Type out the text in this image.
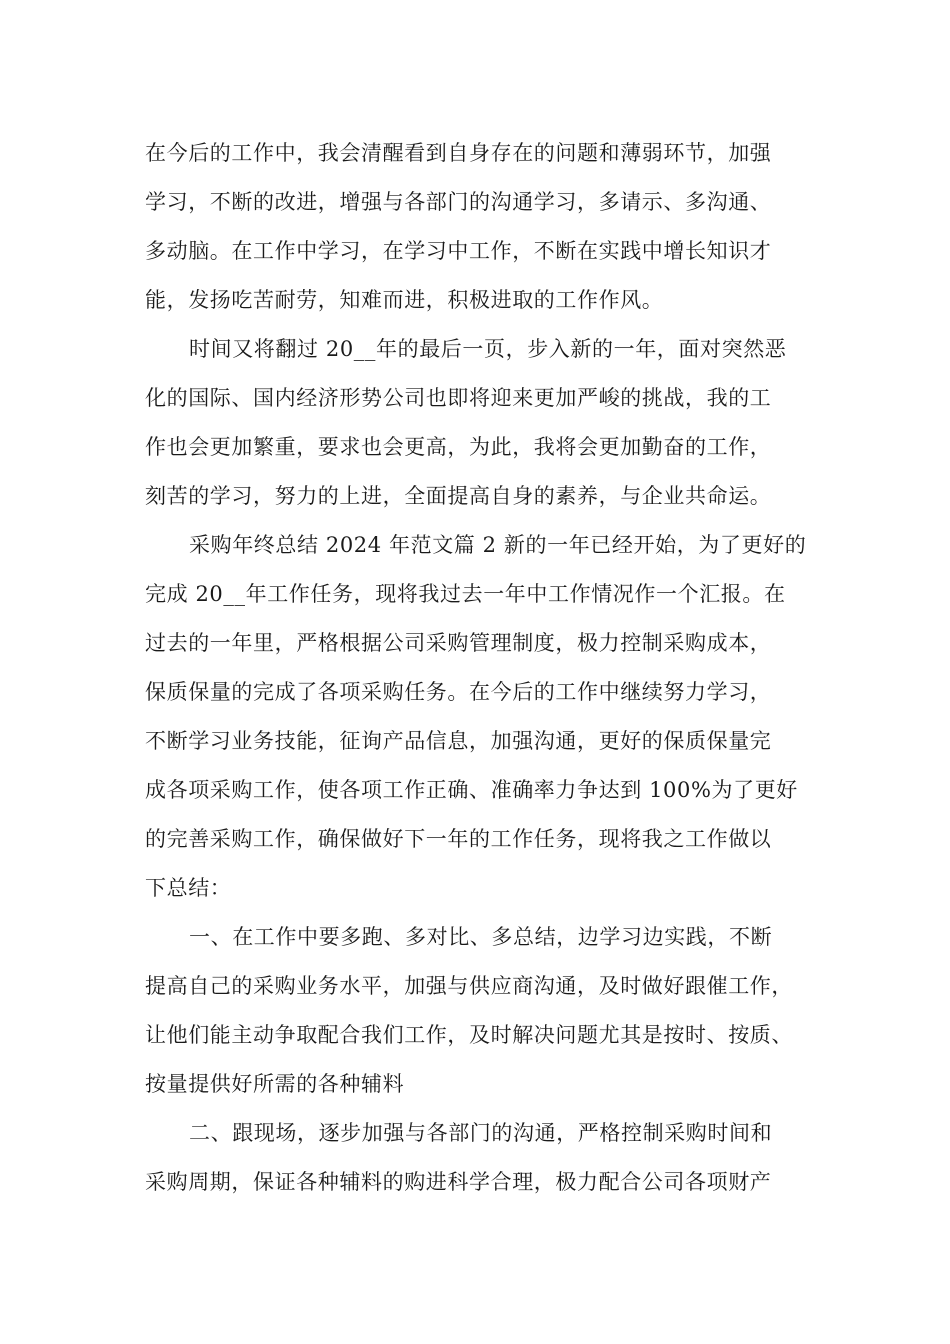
在今后的工作中，我会清醒看到自身存在的问题和薄弱环节，加强
学习，不断的改进，增强与各部门的沟通学习，多请示、多沟通、
多动脑。在工作中学习，在学习中工作，不断在实践中增长知识才
能，发扬吃苦耐劳，知难而进，积极进取的工作作风。

时间又将翻过 20__年的最后一页，步入新的一年，面对突然恶
化的国际、国内经济形势公司也即将迎来更加严峻的挑战，我的工
作也会更加繁重，要求也会更高，为此，我将会更加勤奋的工作，
刻苦的学习，努力的上进，全面提高自身的素养，与企业共命运。

采购年终总结 2024 年范文篇 2 新的一年已经开始，为了更好的
完成 20__年工作任务，现将我过去一年中工作情况作一个汇报。在
过去的一年里，严格根据公司采购管理制度，极力控制采购成本，
保质保量的完成了各项采购任务。在今后的工作中继续努力学习，
不断学习业务技能，征询产品信息，加强沟通，更好的保质保量完
成各项采购工作，使各项工作正确、准确率力争达到 100%为了更好
的完善采购工作，确保做好下一年的工作任务，现将我之工作做以
下总结：

一、在工作中要多跑、多对比、多总结，边学习边实践，不断
提高自己的采购业务水平，加强与供应商沟通，及时做好跟催工作，
让他们能主动争取配合我们工作，及时解决问题尤其是按时、按质、
按量提供好所需的各种辅料

二、跟现场，逐步加强与各部门的沟通，严格控制采购时间和
采购周期，保证各种辅料的购进科学合理，极力配合公司各项财产
